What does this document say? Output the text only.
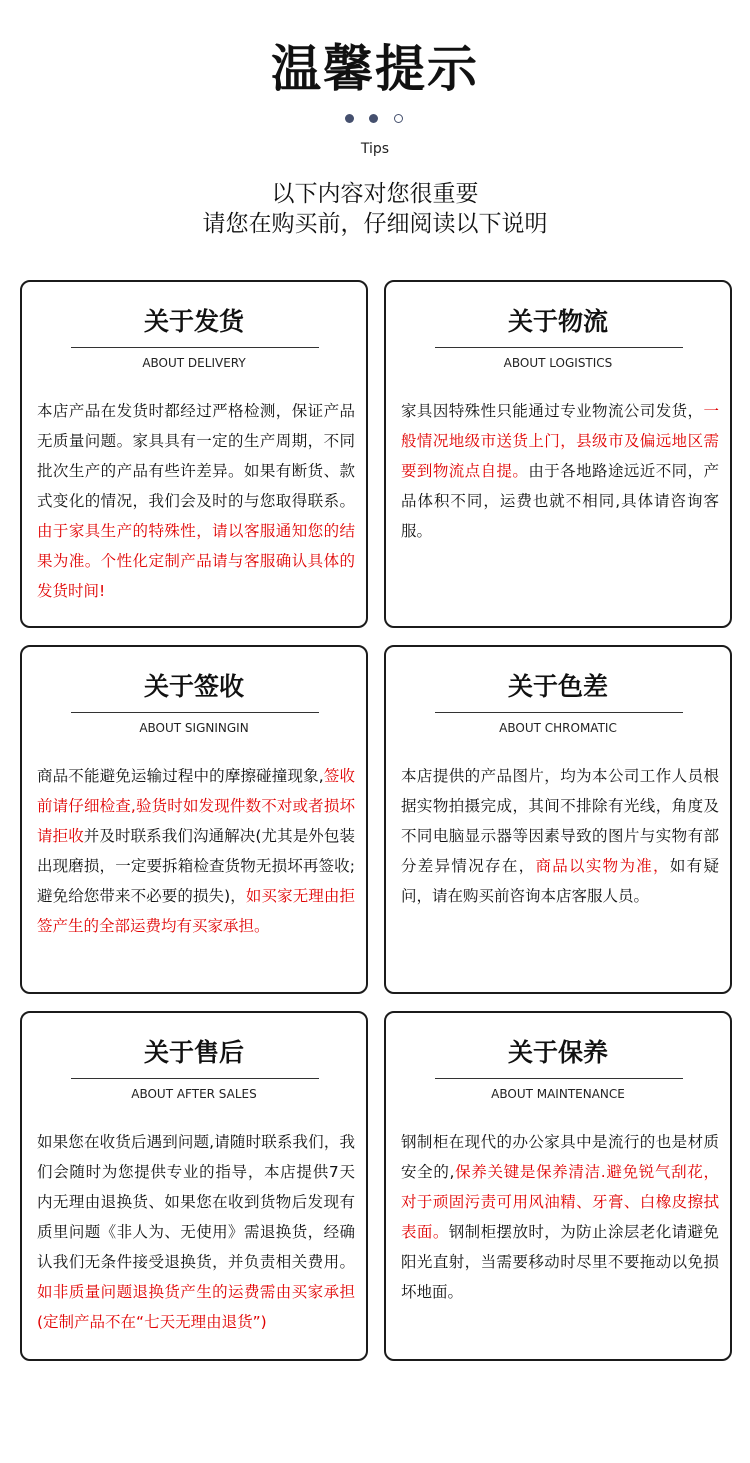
温馨提示
Tips
以下内容对您很重要
请您在购买前，仔细阅读以下说明
关于发货
ABOUT DELIVERY
本店产品在发货时都经过严格检测，保证产品无质量问题。家具具有一定的生产周期，不同批次生产的产品有些许差异。如果有断货、款式变化的情况，我们会及时的与您取得联系。由于家具生产的特殊性，请以客服通知您的结果为准。个性化定制产品请与客服确认具体的发货时间!
关于物流
ABOUT LOGISTICS
家具因特殊性只能通过专业物流公司发货，一般情况地级市送货上门，县级市及偏远地区需要到物流点自提。由于各地路途远近不同，产品体积不同，运费也就不相同,具体请咨询客服。
关于签收
ABOUT SIGNINGIN
商品不能避免运输过程中的摩擦碰撞现象,签收前请仔细检查,验货时如发现件数不对或者损坏请拒收并及时联系我们沟通解决(尤其是外包装出现磨损，一定要拆箱检查货物无损坏再签收;避免给您带来不必要的损失)，如买家无理由拒签产生的全部运费均有买家承担。
关于色差
ABOUT CHROMATIC
本店提供的产品图片，均为本公司工作人员根据实物拍摄完成，其间不排除有光线，角度及不同电脑显示器等因素导致的图片与实物有部分差异情况存在，商品以实物为准，如有疑问，请在购买前咨询本店客服人员。
关于售后
ABOUT AFTER SALES
如果您在收货后遇到问题,请随时联系我们，我们会随时为您提供专业的指导，本店提供7天内无理由退换货、如果您在收到货物后发现有质里问题《非人为、无使用》需退换货，经确认我们无条件接受退换货，并负责相关费用。如非质量问题退换货产生的运费需由买家承担 (定制产品不在“七天无理由退货”)
关于保养
ABOUT MAINTENANCE
钢制柜在现代的办公家具中是流行的也是材质安全的,保养关键是保养清洁.避免锐气刮花，对于顽固污责可用风油精、牙膏、白橡皮擦拭表面。钢制柜摆放时，为防止涂层老化请避免阳光直射，当需要移动时尽里不要拖动以免损坏地面。
